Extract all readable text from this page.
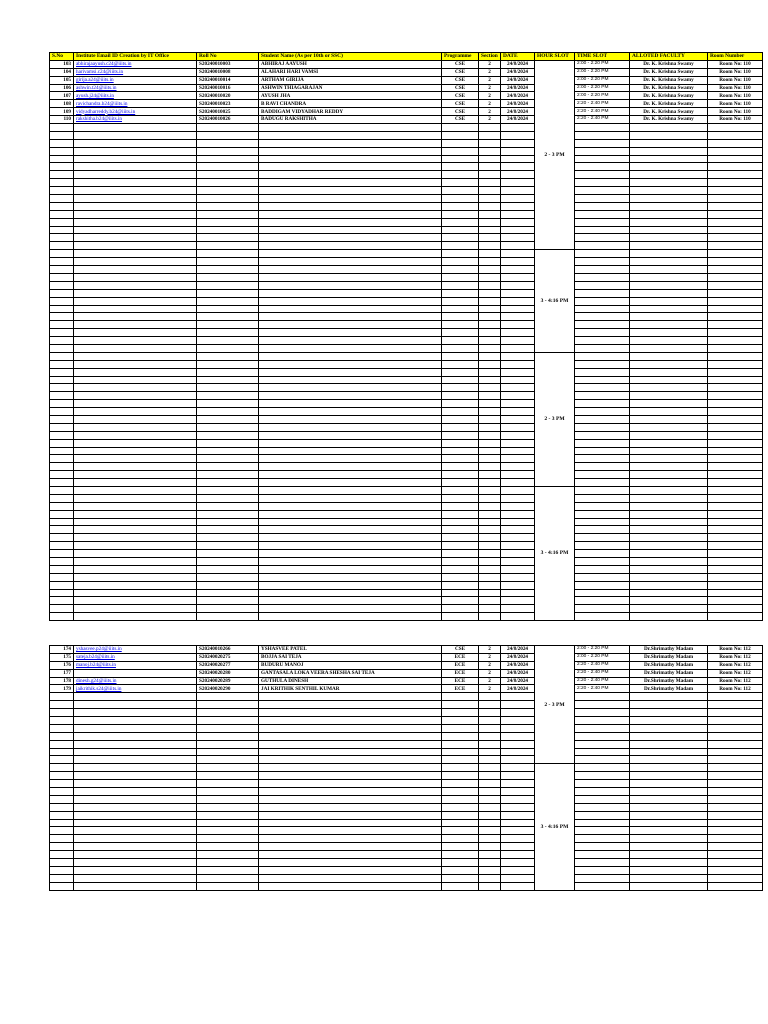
S.No	Institute Email ID Creation by IT Office	Roll No	Student Name (As per 10th or SSC)	Programme	Section	DATE	HOUR SLOT	TIME SLOT	ALLOTED FACULTY	Room Number
103	abhirajaayush.c24@iiits.in	S20240010003	ABHIRAJ AAYUSH	CSE	2	24/8/2024	2 - 3 PM	2:00 - 2:20 PM	Dr. K. Krishna Swamy	Room No: 110
104	harivamsi.c24@iiits.in	S20240010008	ALAHARI HARI VAMSI	CSE	2	24/8/2024		2:00 - 2:20 PM	Dr. K. Krishna Swamy	Room No: 110
105	girija.a24@iiits.in	S20240010014	ARTHAM GIRIJA	CSE	2	24/8/2024		2:00 - 2:20 PM	Dr. K. Krishna Swamy	Room No: 110
106	ashwin.t24@iiits.in	S20240010016	ASHWIN THIAGARAJAN	CSE	2	24/8/2024		2:00 - 2:20 PM	Dr. K. Krishna Swamy	Room No: 110
107	ayush.j24@iiits.in	S20240010020	AYUSH JHA	CSE	2	24/8/2024		2:00 - 2:20 PM	Dr. K. Krishna Swamy	Room No: 110
108	ravichandra.b24@iiits.in	S20240010023	B RAVI CHANDRA	CSE	2	24/8/2024		2:20 - 2:40 PM	Dr. K. Krishna Swamy	Room No: 110
109	vidyadharreddy.b24@iiits.in	S20240010025	BADDIGAM VIDYADHAR REDDY	CSE	2	24/8/2024		2:20 - 2:40 PM	Dr. K. Krishna Swamy	Room No: 110
110	rakshitha.b24@iiits.in	S20240010026	BADUGU RAKSHITHA	CSE	2	24/8/2024		2:20 - 2:40 PM	Dr. K. Krishna Swamy	Room No: 110

							3 - 4:16 PM			

							2 - 3 PM			

							3 - 4:16 PM			

174	yshasvee.p24@iiits.in	S20240010266	YSHASVEE PATEL	CSE	2	24/8/2024	2 - 3 PM	2:00 - 2:20 PM	Dr.Shrimathy Madam	Room No: 112
175	sateja.b24@iiits.in	S20240020275	BOJJA SAI TEJA	ECE	2	24/8/2024		2:00 - 2:20 PM	Dr.Shrimathy Madam	Room No: 112
176	manoj.b24@iiits.in	S20240020277	BUDURU MANOJ	ECE	2	24/8/2024		2:20 - 2:40 PM	Dr.Shrimathy Madam	Room No: 112
177		S20240020280	GANTASALA LOKA VEERA SHESHA SAI TEJA	ECE	2	24/8/2024		2:20 - 2:40 PM	Dr.Shrimathy Madam	Room No: 112
178	dinesh.g24@iiits.in	S20240020289	GUTHULA DINESH	ECE	2	24/8/2024		2:20 - 2:40 PM	Dr.Shrimathy Madam	Room No: 112
179	jaikrithik.s24@iiits.in	S20240020290	JAI KRITHIK SENTHIL KUMAR	ECE	2	24/8/2024		2:20 - 2:40 PM	Dr.Shrimathy Madam	Room No: 112

							3 - 4:16 PM			
